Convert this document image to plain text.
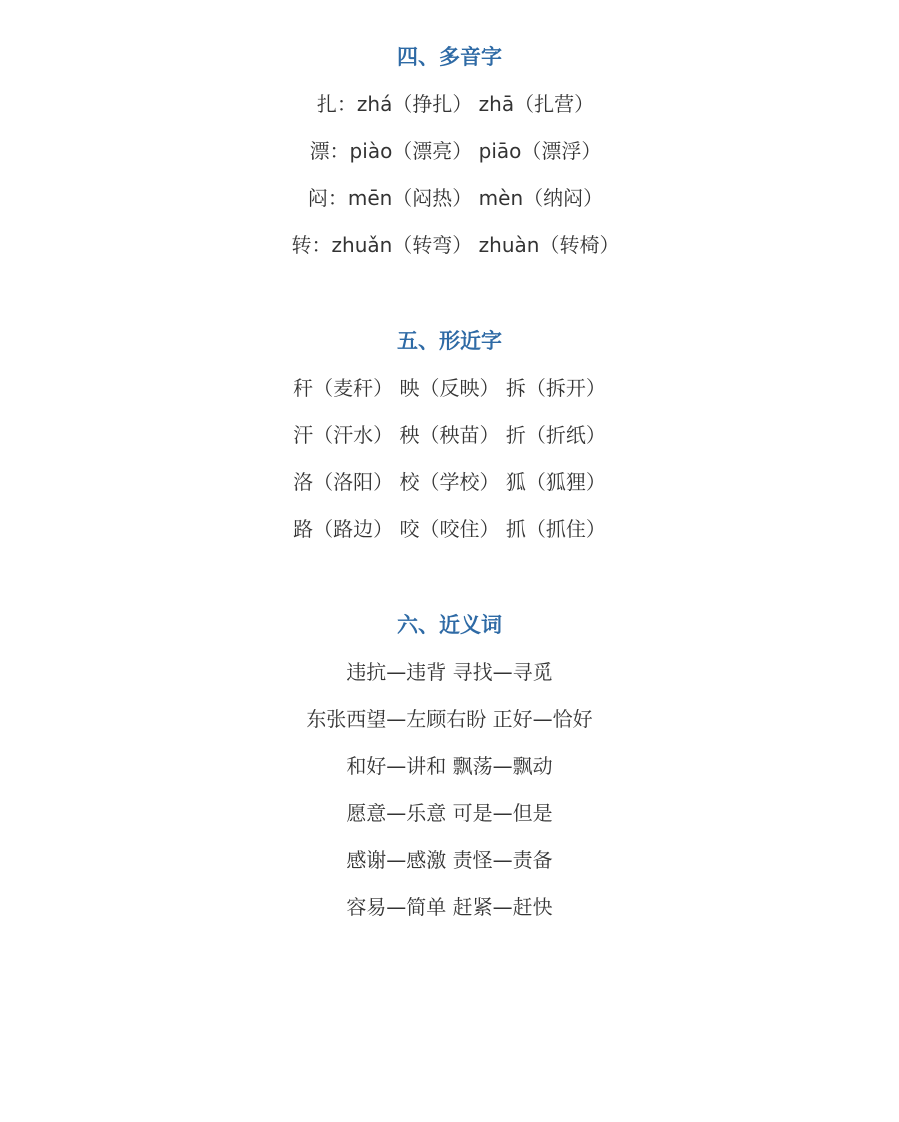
四、多音字
扎：zhá（挣扎） zhā（扎营）
漂：piào（漂亮） piāo（漂浮）
闷：mēn（闷热） mèn（纳闷）
转：zhuǎn（转弯） zhuàn（转椅）
五、形近字
秆（麦秆） 映（反映） 拆（拆开）
汗（汗水） 秧（秧苗） 折（折纸）
洛（洛阳） 校（学校） 狐（狐狸）
路（路边） 咬（咬住） 抓（抓住）
六、近义词
违抗—违背 寻找—寻觅
东张西望—左顾右盼 正好—恰好
和好—讲和 飘荡—飘动
愿意—乐意 可是—但是
感谢—感激 责怪—责备
容易—简单 赶紧—赶快
